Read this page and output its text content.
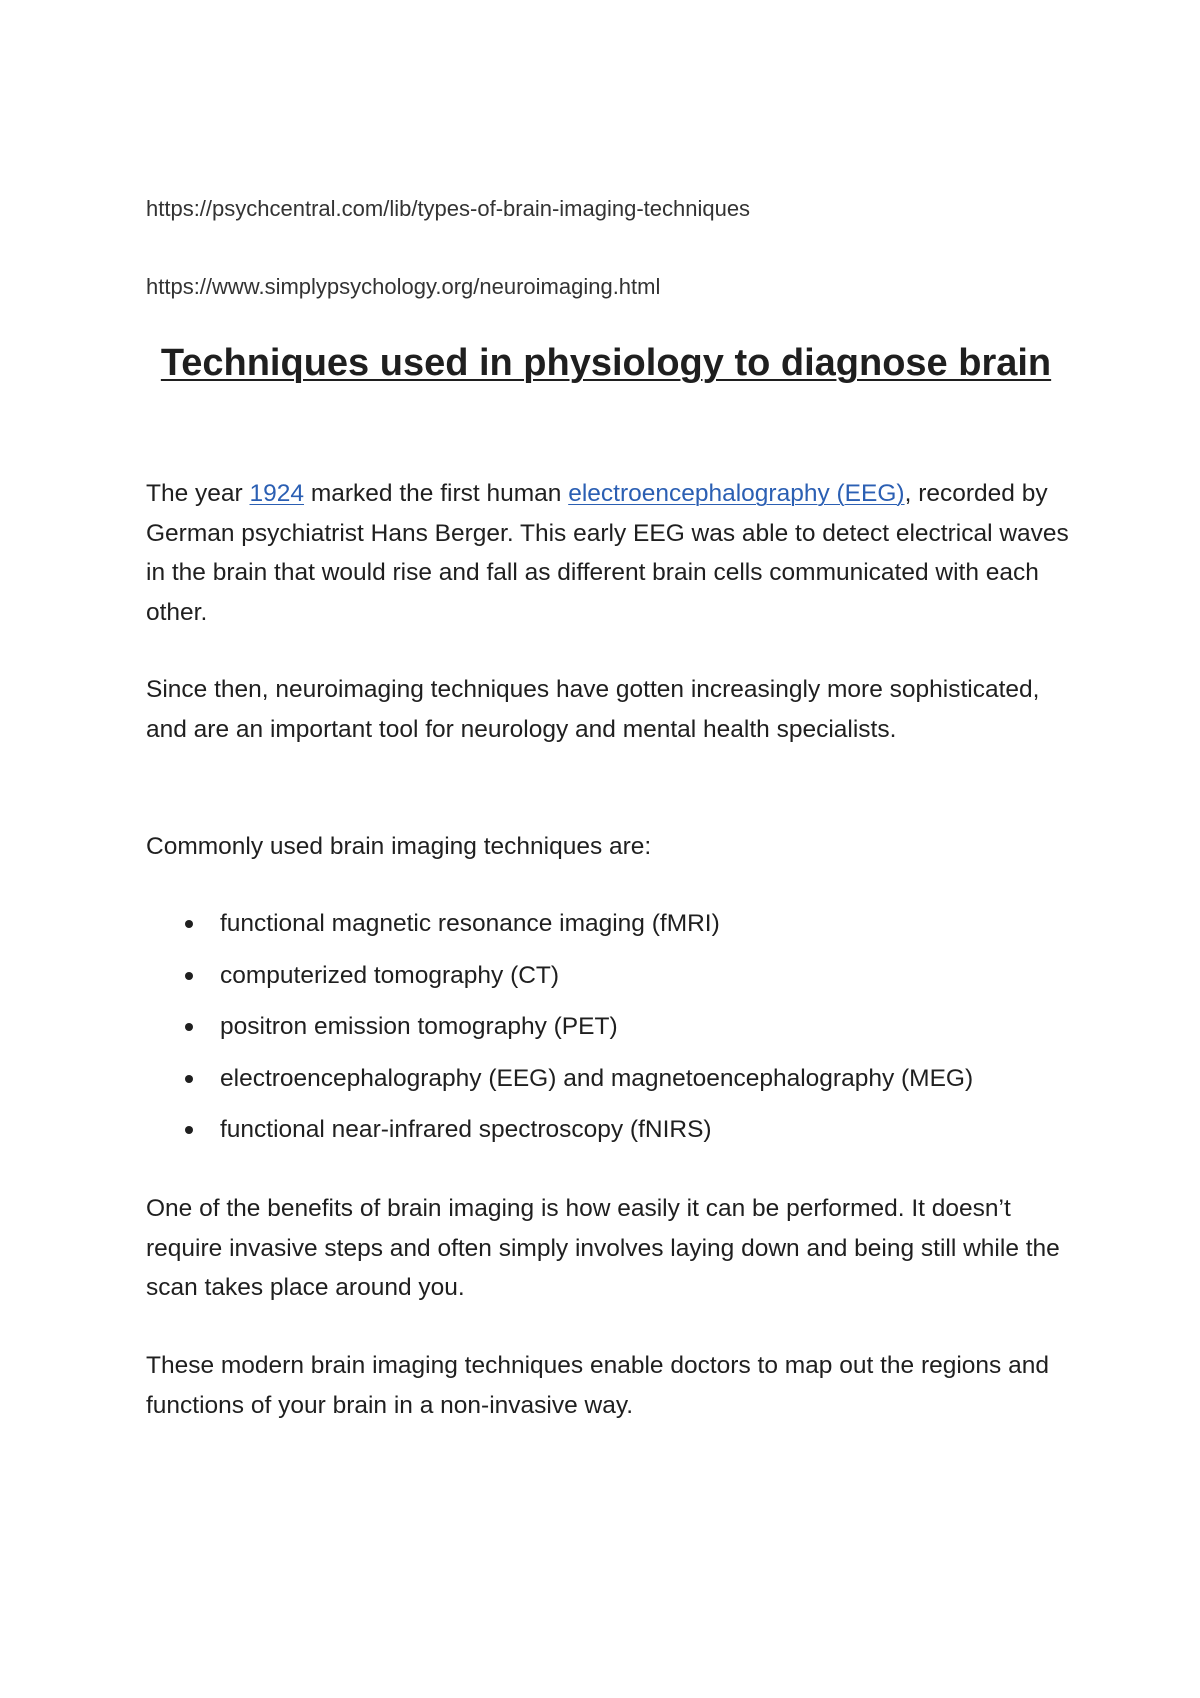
https://psychcentral.com/lib/types-of-brain-imaging-techniques
https://www.simplypsychology.org/neuroimaging.html
Techniques used in physiology to diagnose brain

The year 1924 marked the first human electroencephalography (EEG), recorded by German psychiatrist Hans Berger. This early EEG was able to detect electrical waves in the brain that would rise and fall as different brain cells communicated with each other.

Since then, neuroimaging techniques have gotten increasingly more sophisticated, and are an important tool for neurology and mental health specialists.

Commonly used brain imaging techniques are:

functional magnetic resonance imaging (fMRI)
computerized tomography (CT)
positron emission tomography (PET)
electroencephalography (EEG) and magnetoencephalography (MEG)
functional near-infrared spectroscopy (fNIRS)

One of the benefits of brain imaging is how easily it can be performed. It doesn’t require invasive steps and often simply involves laying down and being still while the scan takes place around you.

These modern brain imaging techniques enable doctors to map out the regions and functions of your brain in a non-invasive way.
